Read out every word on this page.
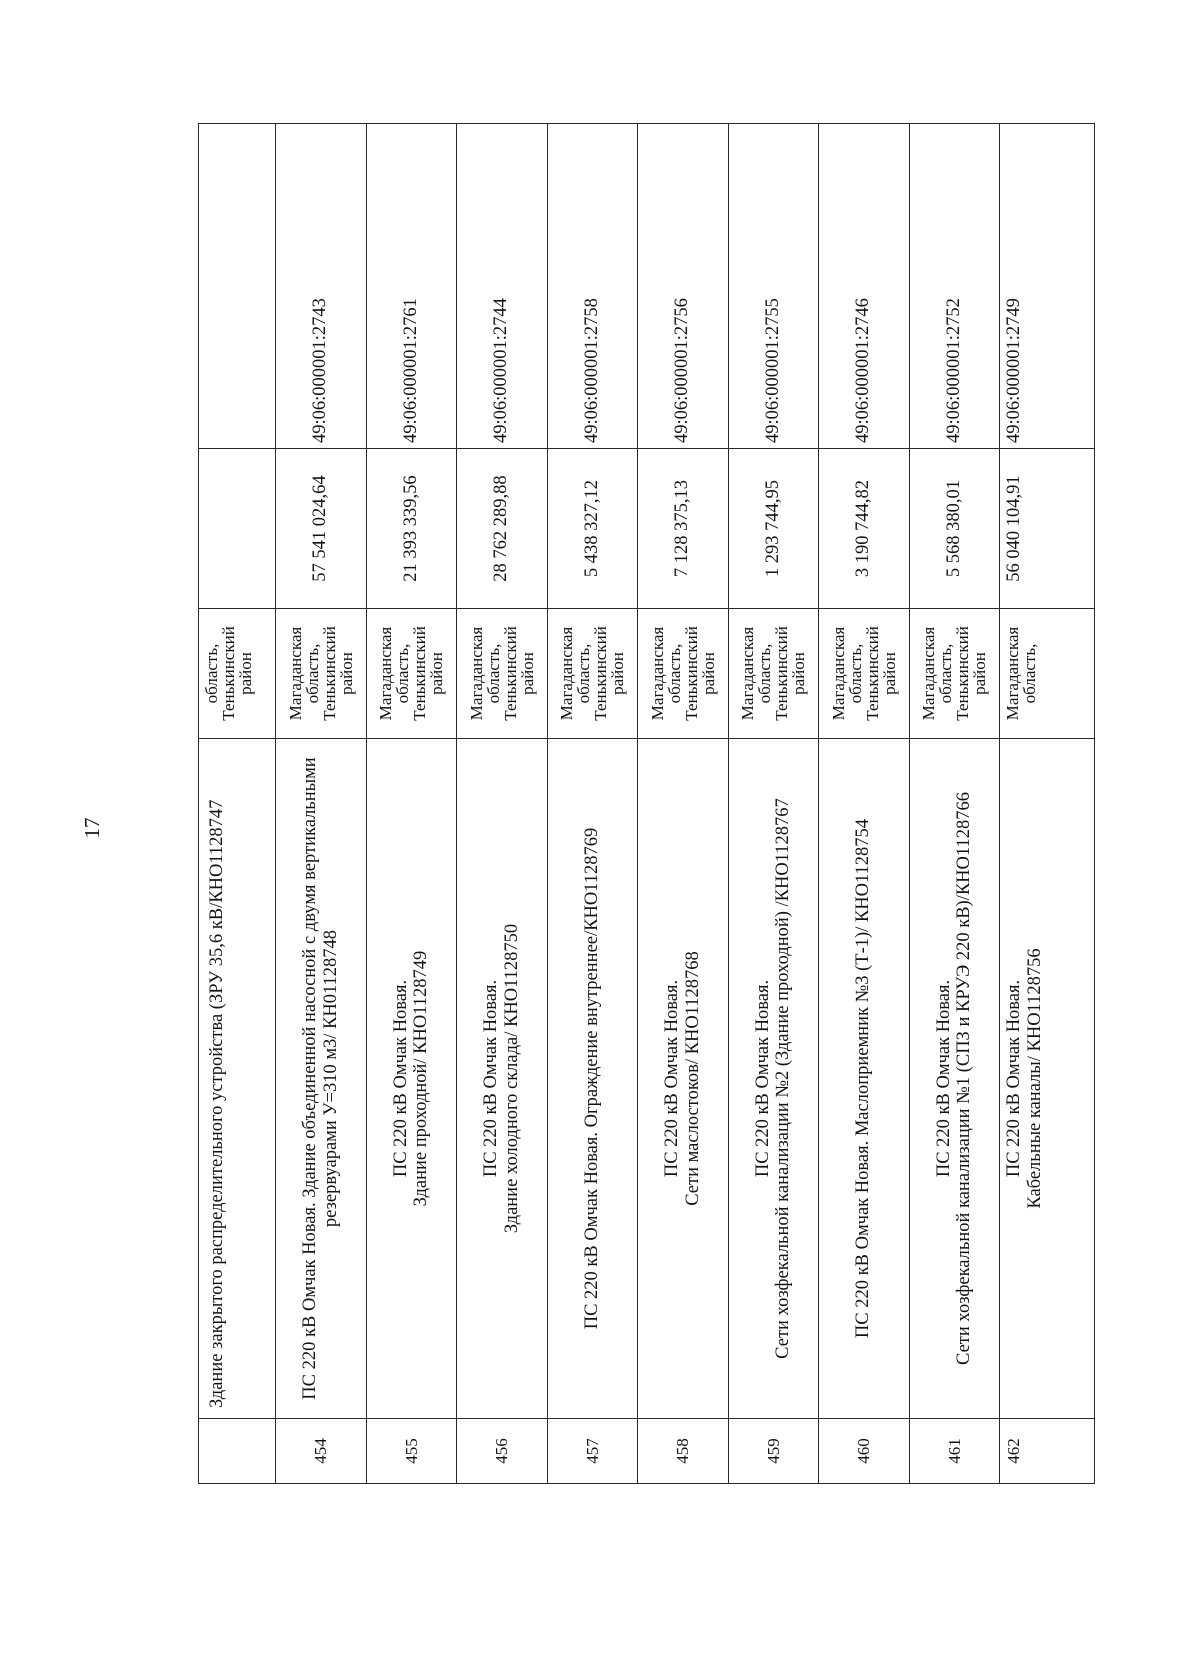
17

	Здание закрытого распределительного устройства (ЗРУ 35,6 кВ/КНО1128747	область,
Тенькинский
район		

454	ПС 220 кВ Омчак Новая. Здание объединенной насосной с двумя вертикальными резервуарами У=310 м3/ КН01128748	Магаданская
область,
Тенькинский
район	57 541 024,64	49:06:000001:2743
455	ПС 220 кВ Омчак Новая. Здание проходной/ КНО1128749	Магаданская
область,
Тенькинский
район	21 393 339,56	49:06:000001:2761
456	ПС 220 кВ Омчак Новая. Здание холодного склада/ КНО1128750	Магаданская
область,
Тенькинский
район	28 762 289,88	49:06:000001:2744
457	ПС 220 кВ Омчак Новая. Ограждение внутреннее/КНО1128769	Магаданская
область,
Тенькинский
район	5 438 327,12	49:06:000001:2758
458	ПС 220 кВ Омчак Новая. Сети маслостоков/ КНО1128768	Магаданская
область,
Тенькинский
район	7 128 375,13	49:06:000001:2756
459	ПС 220 кВ Омчак Новая. Сети хозфекальной канализации №2 (Здание проходной) /КНО1128767	Магаданская
область,
Тенькинский
район	1 293 744,95	49:06:000001:2755
460	ПС 220 кВ Омчак Новая. Маслоприемник №3 (Т-1)/ КНО1128754	Магаданская
область,
Тенькинский
район	3 190 744,82	49:06:000001:2746
461	ПС 220 кВ Омчак Новая. Сети хозфекальной канализации №1 (СПЗ и КРУЭ 220 кВ)/КНО1128766	Магаданская
область,
Тенькинский
район	5 568 380,01	49:06:000001:2752
462	ПС 220 кВ Омчак Новая. Кабельные каналы/ КНО1128756	Магаданская
область,	56 040 104,91	49:06:000001:2749
